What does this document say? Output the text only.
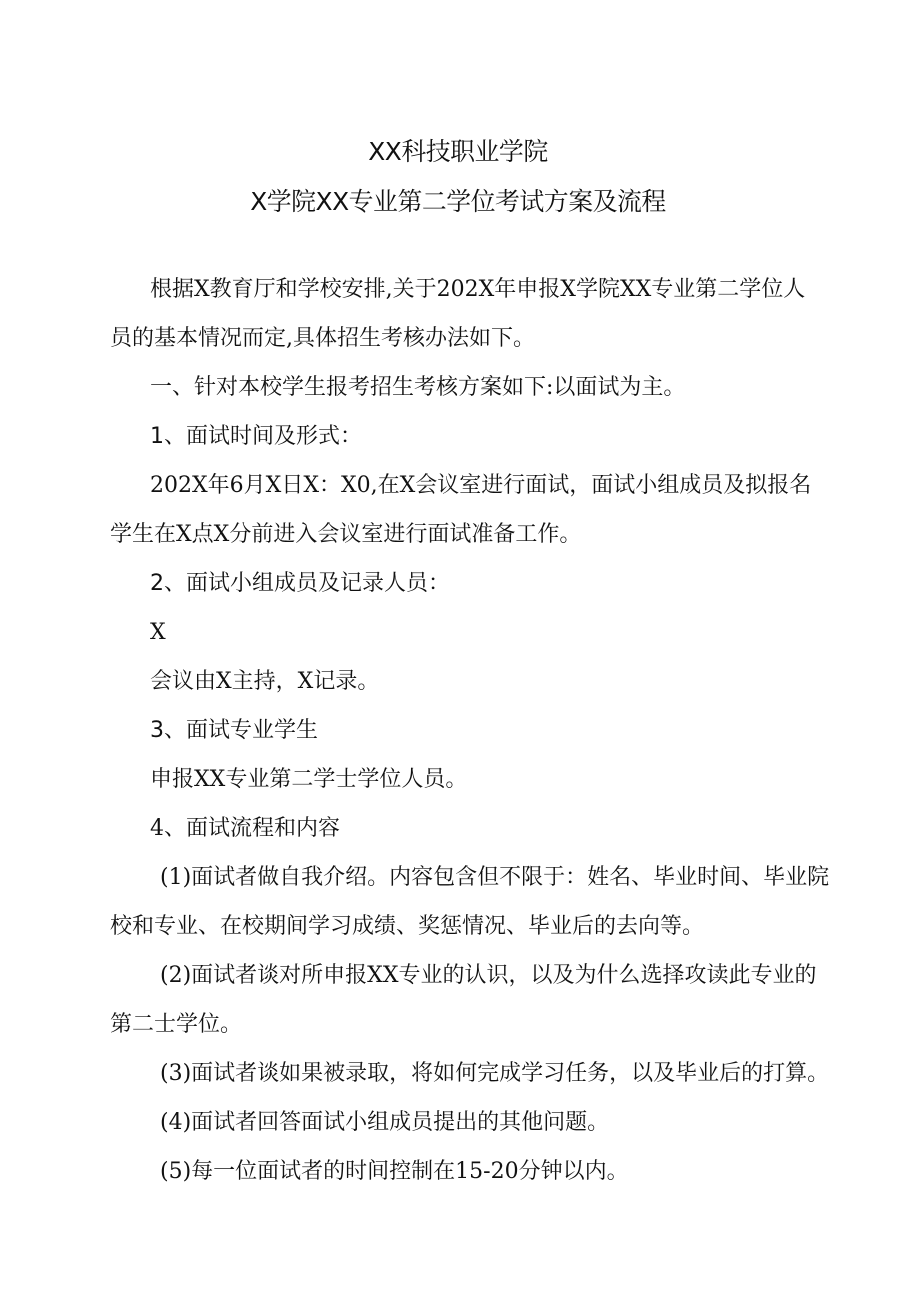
XX科技职业学院
X学院XX专业第二学位考试方案及流程
根据X教育厅和学校安排,关于202X年申报X学院XX专业第二学位人
员的基本情况而定,具体招生考核办法如下。
一、针对本校学生报考招生考核方案如下:以面试为主。
1、面试时间及形式：
202X年6月X日X：X0,在X会议室进行面试，面试小组成员及拟报名
学生在X点X分前进入会议室进行面试准备工作。
2、面试小组成员及记录人员：
X
会议由X主持，X记录。
3、面试专业学生
申报XX专业第二学士学位人员。
4、面试流程和内容
(1)面试者做自我介绍。内容包含但不限于：姓名、毕业时间、毕业院
校和专业、在校期间学习成绩、奖惩情况、毕业后的去向等。
(2)面试者谈对所申报XX专业的认识，以及为什么选择攻读此专业的
第二士学位。
(3)面试者谈如果被录取，将如何完成学习任务，以及毕业后的打算。
(4)面试者回答面试小组成员提出的其他问题。
(5)每一位面试者的时间控制在15-20分钟以内。
